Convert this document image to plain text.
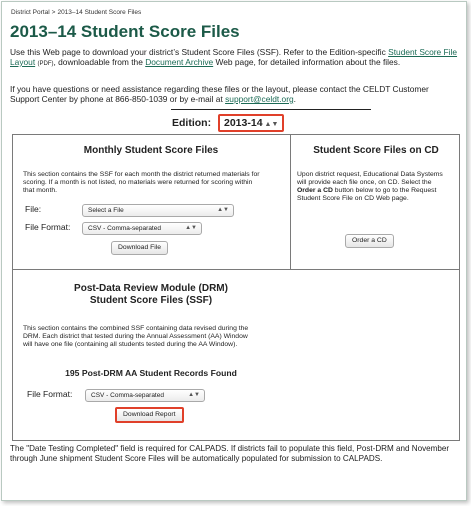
District Portal > 2013–14 Student Score Files
2013–14 Student Score Files

Use this Web page to download your district’s Student Score Files (SSF). Refer to the Edition-specific Student Score File Layout (PDF), downloadable from the Document Archive Web page, for detailed information about the files.

If you have questions or need assistance regarding these files or the layout, please contact the CELDT Customer Support Center by phone at 866-850-1039 or by e-mail at support@celdt.org.

Edition: 2013-14 ▲▼

Monthly Student Score Files

This section contains the SSF for each month the district returned materials for scoring. If a month is not listed, no materials were returned for scoring within that month.

File:	Select a File	▲▼
File Format:	CSV - Comma-separated	▲▼
Download File

Student Score Files on CD

Upon district request, Educational Data Systems will provide each file once, on CD. Select the Order a CD button below to go to the Request Student Score File on CD Web page.

Order a CD

Post-Data Review Module (DRM)
Student Score Files (SSF)

This section contains the combined SSF containing data revised during the DRM. Each district that tested during the Annual Assessment (AA) Window will have one file (containing all students tested during the AA Window).

195 Post-DRM AA Student Records Found
File Format:	CSV - Comma-separated	▲▼
Download Report

The "Date Testing Completed" field is required for CALPADS. If districts fail to populate this field, Post-DRM and November through June shipment Student Score Files will be automatically populated for submission to CALPADS.
